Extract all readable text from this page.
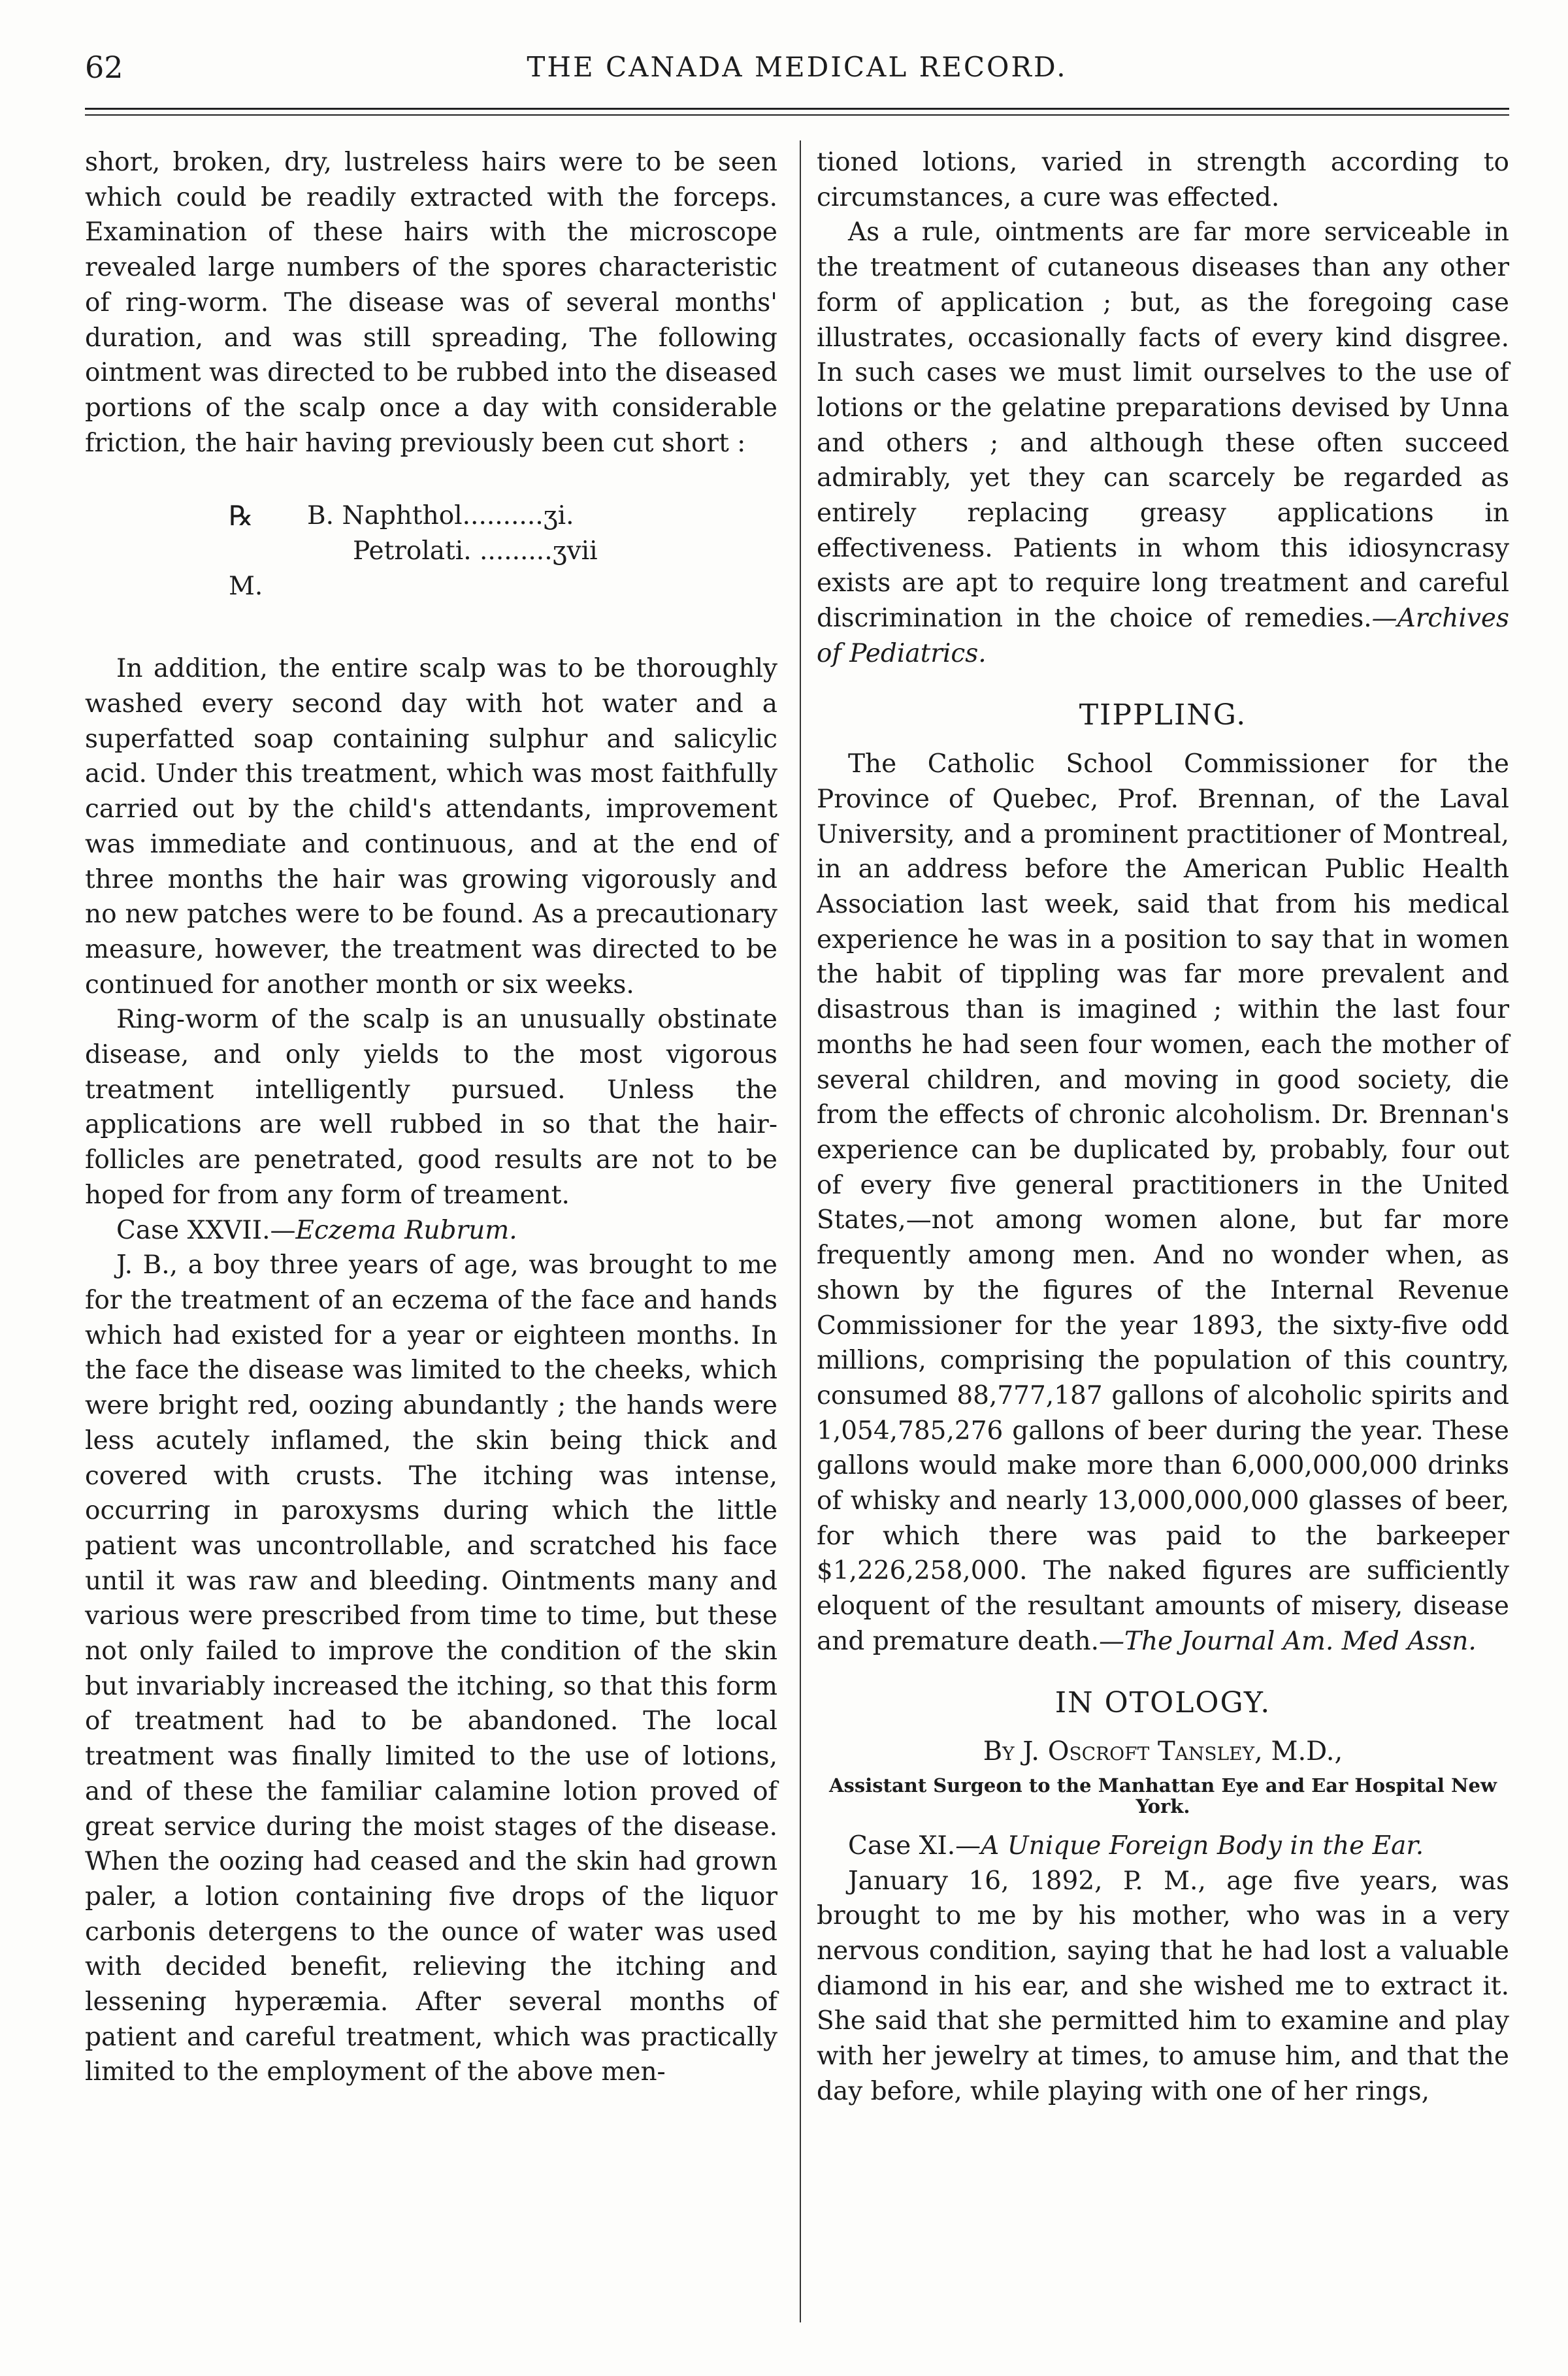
62	THE CANADA MEDICAL RECORD.

short, broken, dry, lustreless hairs were to be seen which could be readily extracted with the forceps. Examination of these hairs with the microscope revealed large numbers of the spores characteristic of ring-worm. The disease was of several months' duration, and was still spreading, The following ointment was directed to be rubbed into the diseased portions of the scalp once a day with considerable friction, the hair having previously been cut short :

℞ B. Naphthol..........ʒi.
Petrolati. .........ʒvii
M.

In addition, the entire scalp was to be thoroughly washed every second day with hot water and a superfatted soap containing sulphur and salicylic acid. Under this treatment, which was most faithfully carried out by the child's attendants, improvement was immediate and continuous, and at the end of three months the hair was growing vigorously and no new patches were to be found. As a precautionary measure, however, the treatment was directed to be continued for another month or six weeks.

Ring-worm of the scalp is an unusually obstinate disease, and only yields to the most vigorous treatment intelligently pursued. Unless the applications are well rubbed in so that the hair-follicles are penetrated, good results are not to be hoped for from any form of treament.

Case XXVII.—Eczema Rubrum.

J. B., a boy three years of age, was brought to me for the treatment of an eczema of the face and hands which had existed for a year or eighteen months. In the face the disease was limited to the cheeks, which were bright red, oozing abundantly ; the hands were less acutely inflamed, the skin being thick and covered with crusts. The itching was intense, occurring in paroxysms during which the little patient was uncontrollable, and scratched his face until it was raw and bleeding. Ointments many and various were prescribed from time to time, but these not only failed to improve the condition of the skin but invariably increased the itching, so that this form of treatment had to be abandoned. The local treatment was finally limited to the use of lotions, and of these the familiar calamine lotion proved of great service during the moist stages of the disease. When the oozing had ceased and the skin had grown paler, a lotion containing five drops of the liquor carbonis detergens to the ounce of water was used with decided benefit, relieving the itching and lessening hyperæmia. After several months of patient and careful treatment, which was practically limited to the employment of the above men-

tioned lotions, varied in strength according to circumstances, a cure was effected.

As a rule, ointments are far more serviceable in the treatment of cutaneous diseases than any other form of application ; but, as the foregoing case illustrates, occasionally facts of every kind disgree. In such cases we must limit ourselves to the use of lotions or the gelatine preparations devised by Unna and others ; and although these often succeed admirably, yet they can scarcely be regarded as entirely replacing greasy applications in effectiveness. Patients in whom this idiosyncrasy exists are apt to require long treatment and careful discrimination in the choice of remedies.—Archives of Pediatrics.

TIPPLING.

The Catholic School Commissioner for the Province of Quebec, Prof. Brennan, of the Laval University, and a prominent practitioner of Montreal, in an address before the American Public Health Association last week, said that from his medical experience he was in a position to say that in women the habit of tippling was far more prevalent and disastrous than is imagined ; within the last four months he had seen four women, each the mother of several children, and moving in good society, die from the effects of chronic alcoholism. Dr. Brennan's experience can be duplicated by, probably, four out of every five general practitioners in the United States,—not among women alone, but far more frequently among men. And no wonder when, as shown by the figures of the Internal Revenue Commissioner for the year 1893, the sixty-five odd millions, comprising the population of this country, consumed 88,777,187 gallons of alcoholic spirits and 1,054,785,276 gallons of beer during the year. These gallons would make more than 6,000,000,000 drinks of whisky and nearly 13,000,000,000 glasses of beer, for which there was paid to the barkeeper $1,226,258,000. The naked figures are sufficiently eloquent of the resultant amounts of misery, disease and premature death.—The Journal Am. Med Assn.

IN OTOLOGY.
By J. Oscroft Tansley, M.D.,
Assistant Surgeon to the Manhattan Eye and Ear Hospital New York.

Case XI.—A Unique Foreign Body in the Ear.

January 16, 1892, P. M., age five years, was brought to me by his mother, who was in a very nervous condition, saying that he had lost a valuable diamond in his ear, and she wished me to extract it. She said that she permitted him to examine and play with her jewelry at times, to amuse him, and that the day before, while playing with one of her rings,
